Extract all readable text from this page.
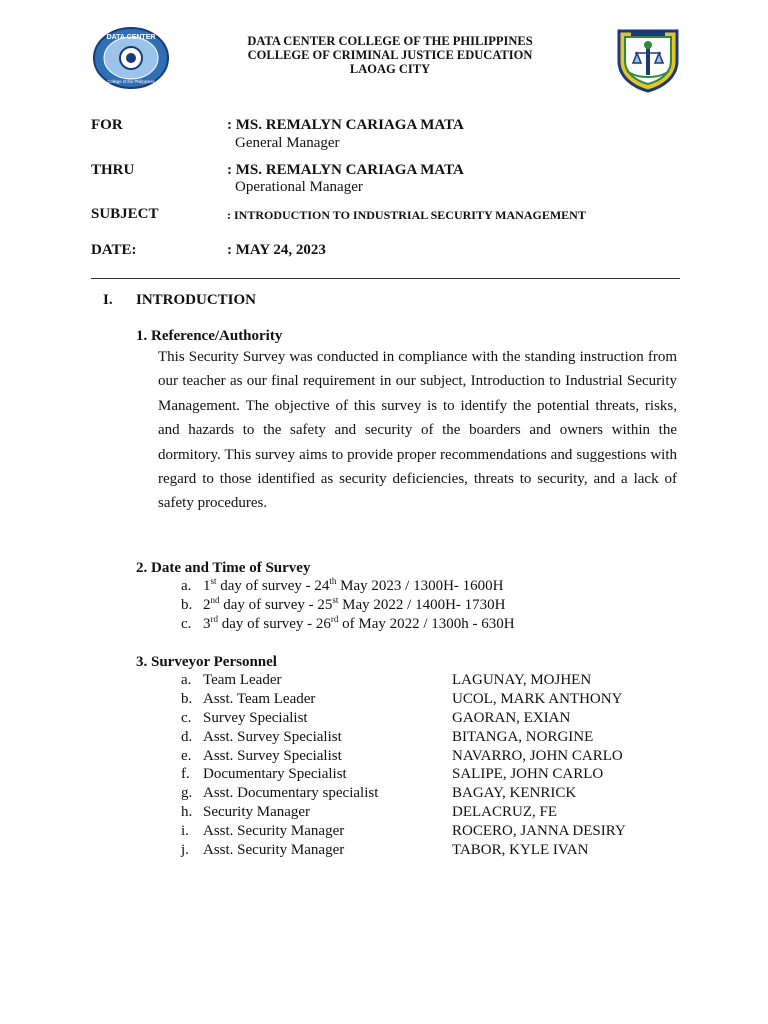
DATA CENTER
College of the Philippines
DATA CENTER COLLEGE OF THE PHILIPPINES
COLLEGE OF CRIMINAL JUSTICE EDUCATION
LAOAG CITY
FOR	: MS. REMALYN CARIAGA MATA
General Manager
THRU	: MS. REMALYN CARIAGA MATA
Operational Manager
SUBJECT	: INTRODUCTION TO INDUSTRIAL SECURITY MANAGEMENT
DATE:	: MAY 24, 2023
I. INTRODUCTION
1. Reference/Authority
This Security Survey was conducted in compliance with the standing instruction from our teacher as our final requirement in our subject, Introduction to Industrial Security Management. The objective of this survey is to identify the potential threats, risks, and hazards to the safety and security of the boarders and owners within the dormitory. This survey aims to provide proper recommendations and suggestions with regard to those identified as security deficiencies, threats to security, and a lack of safety procedures.
2. Date and Time of Survey
a. 1st day of survey - 24th May 2023 / 1300H- 1600H
b. 2nd day of survey - 25st May 2022 / 1400H- 1730H
c. 3rd day of survey - 26rd of May 2022 / 1300h - 630H
3. Surveyor Personnel
a. Team Leader	LAGUNAY, MOJHEN
b. Asst. Team Leader	UCOL, MARK ANTHONY
c. Survey Specialist	GAORAN, EXIAN
d. Asst. Survey Specialist	BITANGA, NORGINE
e. Asst. Survey Specialist	NAVARRO, JOHN CARLO
f. Documentary Specialist	SALIPE, JOHN CARLO
g. Asst. Documentary specialist	BAGAY, KENRICK
h. Security Manager	DELACRUZ, FE
i. Asst. Security Manager	ROCERO, JANNA DESIRY
j. Asst. Security Manager	TABOR, KYLE IVAN
